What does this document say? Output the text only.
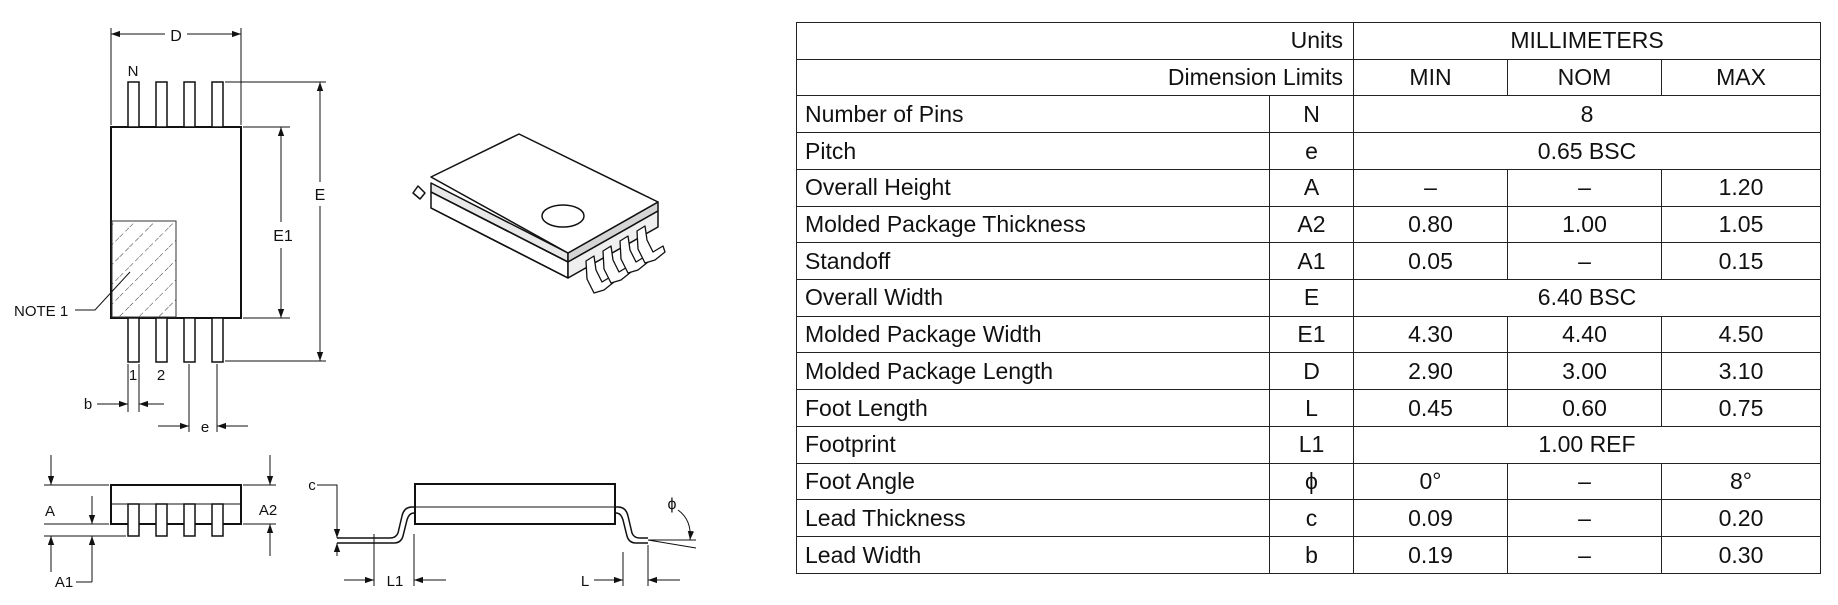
D
N
E
E1
NOTE 1
1 2
b
e
A
A1
A2
c
L1	L
ϕ
Units		MILLIMETERS		
Dimension Limits		MIN	NOM	MAX
Number of Pins	N	8		
Pitch	e	0.65 BSC		
Overall Height	A	–	–	1.20
Molded Package Thickness	A2	0.80	1.00	1.05
Standoff	A1	0.05	–	0.15
Overall Width	E	6.40 BSC		
Molded Package Width	E1	4.30	4.40	4.50
Molded Package Length	D	2.90	3.00	3.10
Foot Length	L	0.45	0.60	0.75
Footprint	L1	1.00 REF		
Foot Angle	ϕ	0°	–	8°
Lead Thickness	c	0.09	–	0.20
Lead Width	b	0.19	–	0.30
